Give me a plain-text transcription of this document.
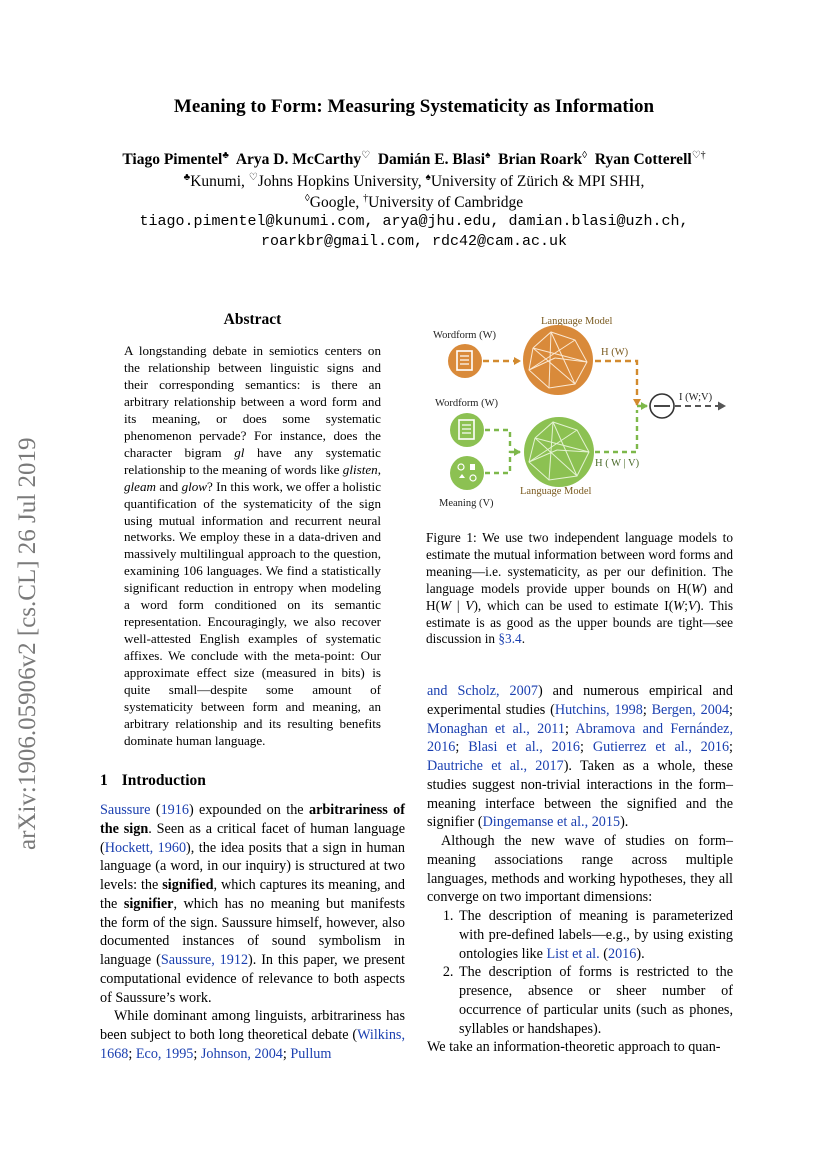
arXiv:1906.05906v2 [cs.CL] 26 Jul 2019
Meaning to Form: Measuring Systematicity as Information
Tiago Pimentel♣ Arya D. McCarthy♡ Damián E. Blasi♠ Brian Roark◊ Ryan Cotterell♡†
♣Kunumi, ♡Johns Hopkins University, ♠University of Zürich & MPI SHH,
◊Google, †University of Cambridge
tiago.pimentel@kunumi.com, arya@jhu.edu, damian.blasi@uzh.ch,
roarkbr@gmail.com, rdc42@cam.ac.uk
Abstract
A longstanding debate in semiotics centers on the relationship between linguistic signs and their corresponding semantics: is there an arbitrary relationship between a word form and its meaning, or does some systematic phenomenon pervade? For instance, does the character bigram gl have any systematic relationship to the meaning of words like glisten, gleam and glow? In this work, we offer a holistic quantification of the systematicity of the sign using mutual information and recurrent neural networks. We employ these in a data-driven and massively multilingual approach to the question, examining 106 languages. We find a statistically significant reduction in entropy when modeling a word form conditioned on its semantic representation. Encouragingly, we also recover well-attested English examples of systematic affixes. We conclude with the meta-point: Our approximate effect size (measured in bits) is quite small—despite some amount of systematicity between form and meaning, an arbitrary relationship and its resulting benefits dominate human language.
1 Introduction

Saussure (1916) expounded on the arbitrariness of the sign. Seen as a critical facet of human language (Hockett, 1960), the idea posits that a sign in human language (a word, in our inquiry) is structured at two levels: the signified, which captures its meaning, and the signifier, which has no meaning but manifests the form of the sign. Saussure himself, however, also documented instances of sound symbolism in language (Saussure, 1912). In this paper, we present computational evidence of relevance to both aspects of Saussure’s work.

While dominant among linguists, arbitrariness has been subject to both long theoretical debate (Wilkins, 1668; Eco, 1995; Johnson, 2004; Pullum

Language Model
Wordform (W)
H (W)
I (W;V)
Wordform (W)
Meaning (V)
H ( W | V)
Language Model
Figure 1: We use two independent language models to estimate the mutual information between word forms and meaning—i.e. systematicity, as per our definition. The language models provide upper bounds on H(W) and H(W | V), which can be used to estimate I(W;V). This estimate is as good as the upper bounds are tight—see discussion in §3.4.

and Scholz, 2007) and numerous empirical and experimental studies (Hutchins, 1998; Bergen, 2004; Monaghan et al., 2011; Abramova and Fernández, 2016; Blasi et al., 2016; Gutierrez et al., 2016; Dautriche et al., 2017). Taken as a whole, these studies suggest non-trivial interactions in the form–meaning interface between the signified and the signifier (Dingemanse et al., 2015).

Although the new wave of studies on form–meaning associations range across multiple languages, methods and working hypotheses, they all converge on two important dimensions:

1. The description of meaning is parameterized with pre-defined labels—e.g., by using existing ontologies like List et al. (2016).
2. The description of forms is restricted to the presence, absence or sheer number of occurrence of particular units (such as phones, syllables or handshapes).

We take an information-theoretic approach to quan-
